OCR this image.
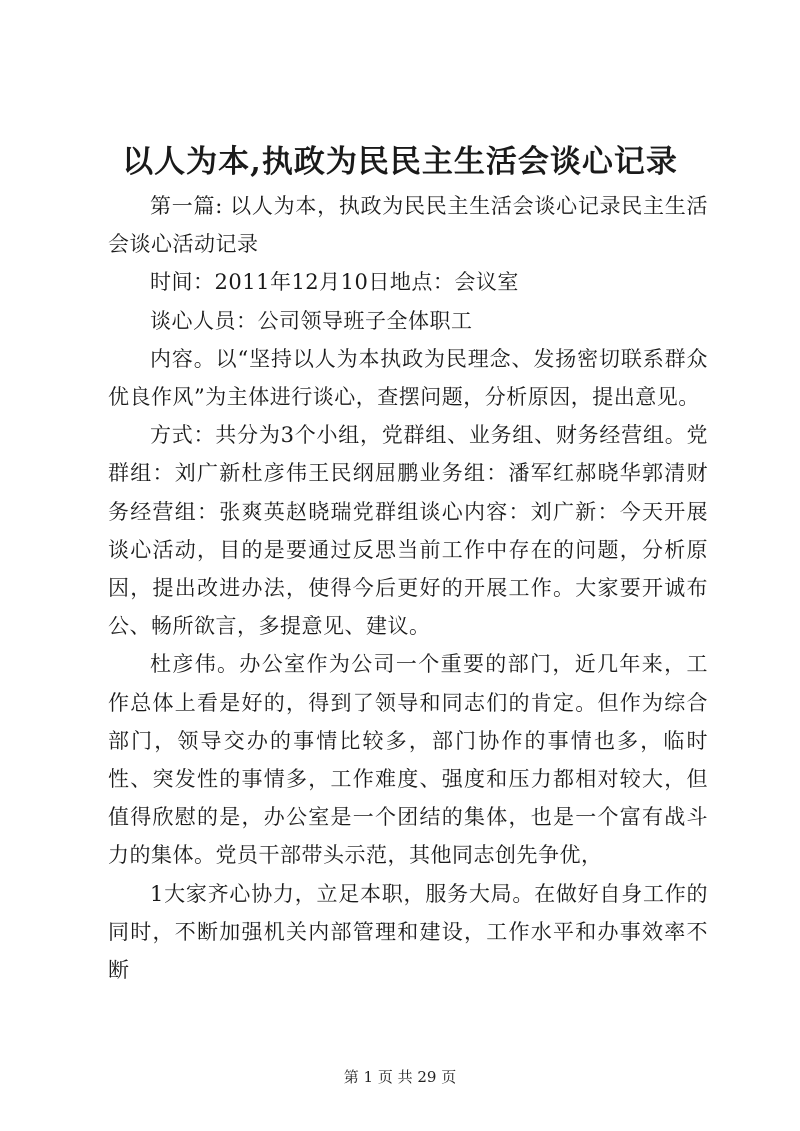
以人为本,执政为民民主生活会谈心记录

第一篇: 以人为本，执政为民民主生活会谈心记录民主生活会谈心活动记录

时间：2011年12月10日地点：会议室

谈心人员：公司领导班子全体职工

内容。以“坚持以人为本执政为民理念、发扬密切联系群众优良作风”为主体进行谈心，查摆问题，分析原因，提出意见。

方式：共分为3个小组，党群组、业务组、财务经营组。党群组：刘广新杜彦伟王民纲屈鹏业务组：潘军红郝晓华郭清财务经营组：张爽英赵晓瑞党群组谈心内容：刘广新：今天开展谈心活动，目的是要通过反思当前工作中存在的问题，分析原因，提出改进办法，使得今后更好的开展工作。大家要开诚布公、畅所欲言，多提意见、建议。

杜彦伟。办公室作为公司一个重要的部门，近几年来，工作总体上看是好的，得到了领导和同志们的肯定。但作为综合部门，领导交办的事情比较多，部门协作的事情也多，临时性、突发性的事情多，工作难度、强度和压力都相对较大，但值得欣慰的是，办公室是一个团结的集体，也是一个富有战斗力的集体。党员干部带头示范，其他同志创先争优，

1大家齐心协力，立足本职，服务大局。在做好自身工作的同时，不断加强机关内部管理和建设，工作水平和办事效率不断

第 1 页 共 29 页
